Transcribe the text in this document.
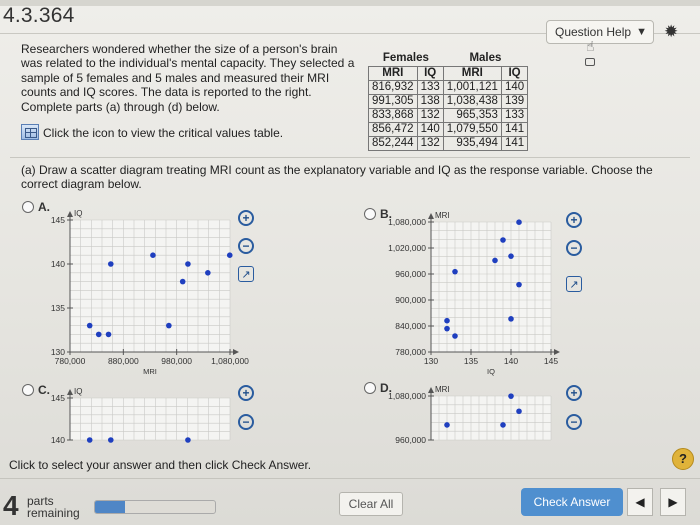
4.3.364
Question Help ▼ ✹
☝
Researchers wondered whether the size of a person's brain was related to the individual's mental capacity. They selected a sample of 5 females and 5 males and measured their MRI counts and IQ scores. The data is reported to the right. Complete parts (a) through (d) below.
Click the icon to view the critical values table.
Females		Males	
MRI	IQ	MRI	IQ
816,932	133	1,001,121	140
991,305	138	1,038,438	139
833,868	132	965,353	133
856,472	140	1,079,550	141
852,244	132	935,494	141
(a) Draw a scatter diagram treating MRI count as the explanatory variable and IQ as the response variable. Choose the correct diagram below.
A.	B.
C.	D.
145
140
135
130
780,000	880,000	980,000 1,080,000
MRI
IQ
1,080,000
1,020,000
960,000
900,000
840,000
780,000
130	135	140	145
IQ
MRI
145
140
IQ	1,080,000
960,000
MRI
+
−
↗
+
−
↗
+
−
+
−
Click to select your answer and then click Check Answer.	?
4 parts
remaining
Clear All	Check Answer	◀	▶
